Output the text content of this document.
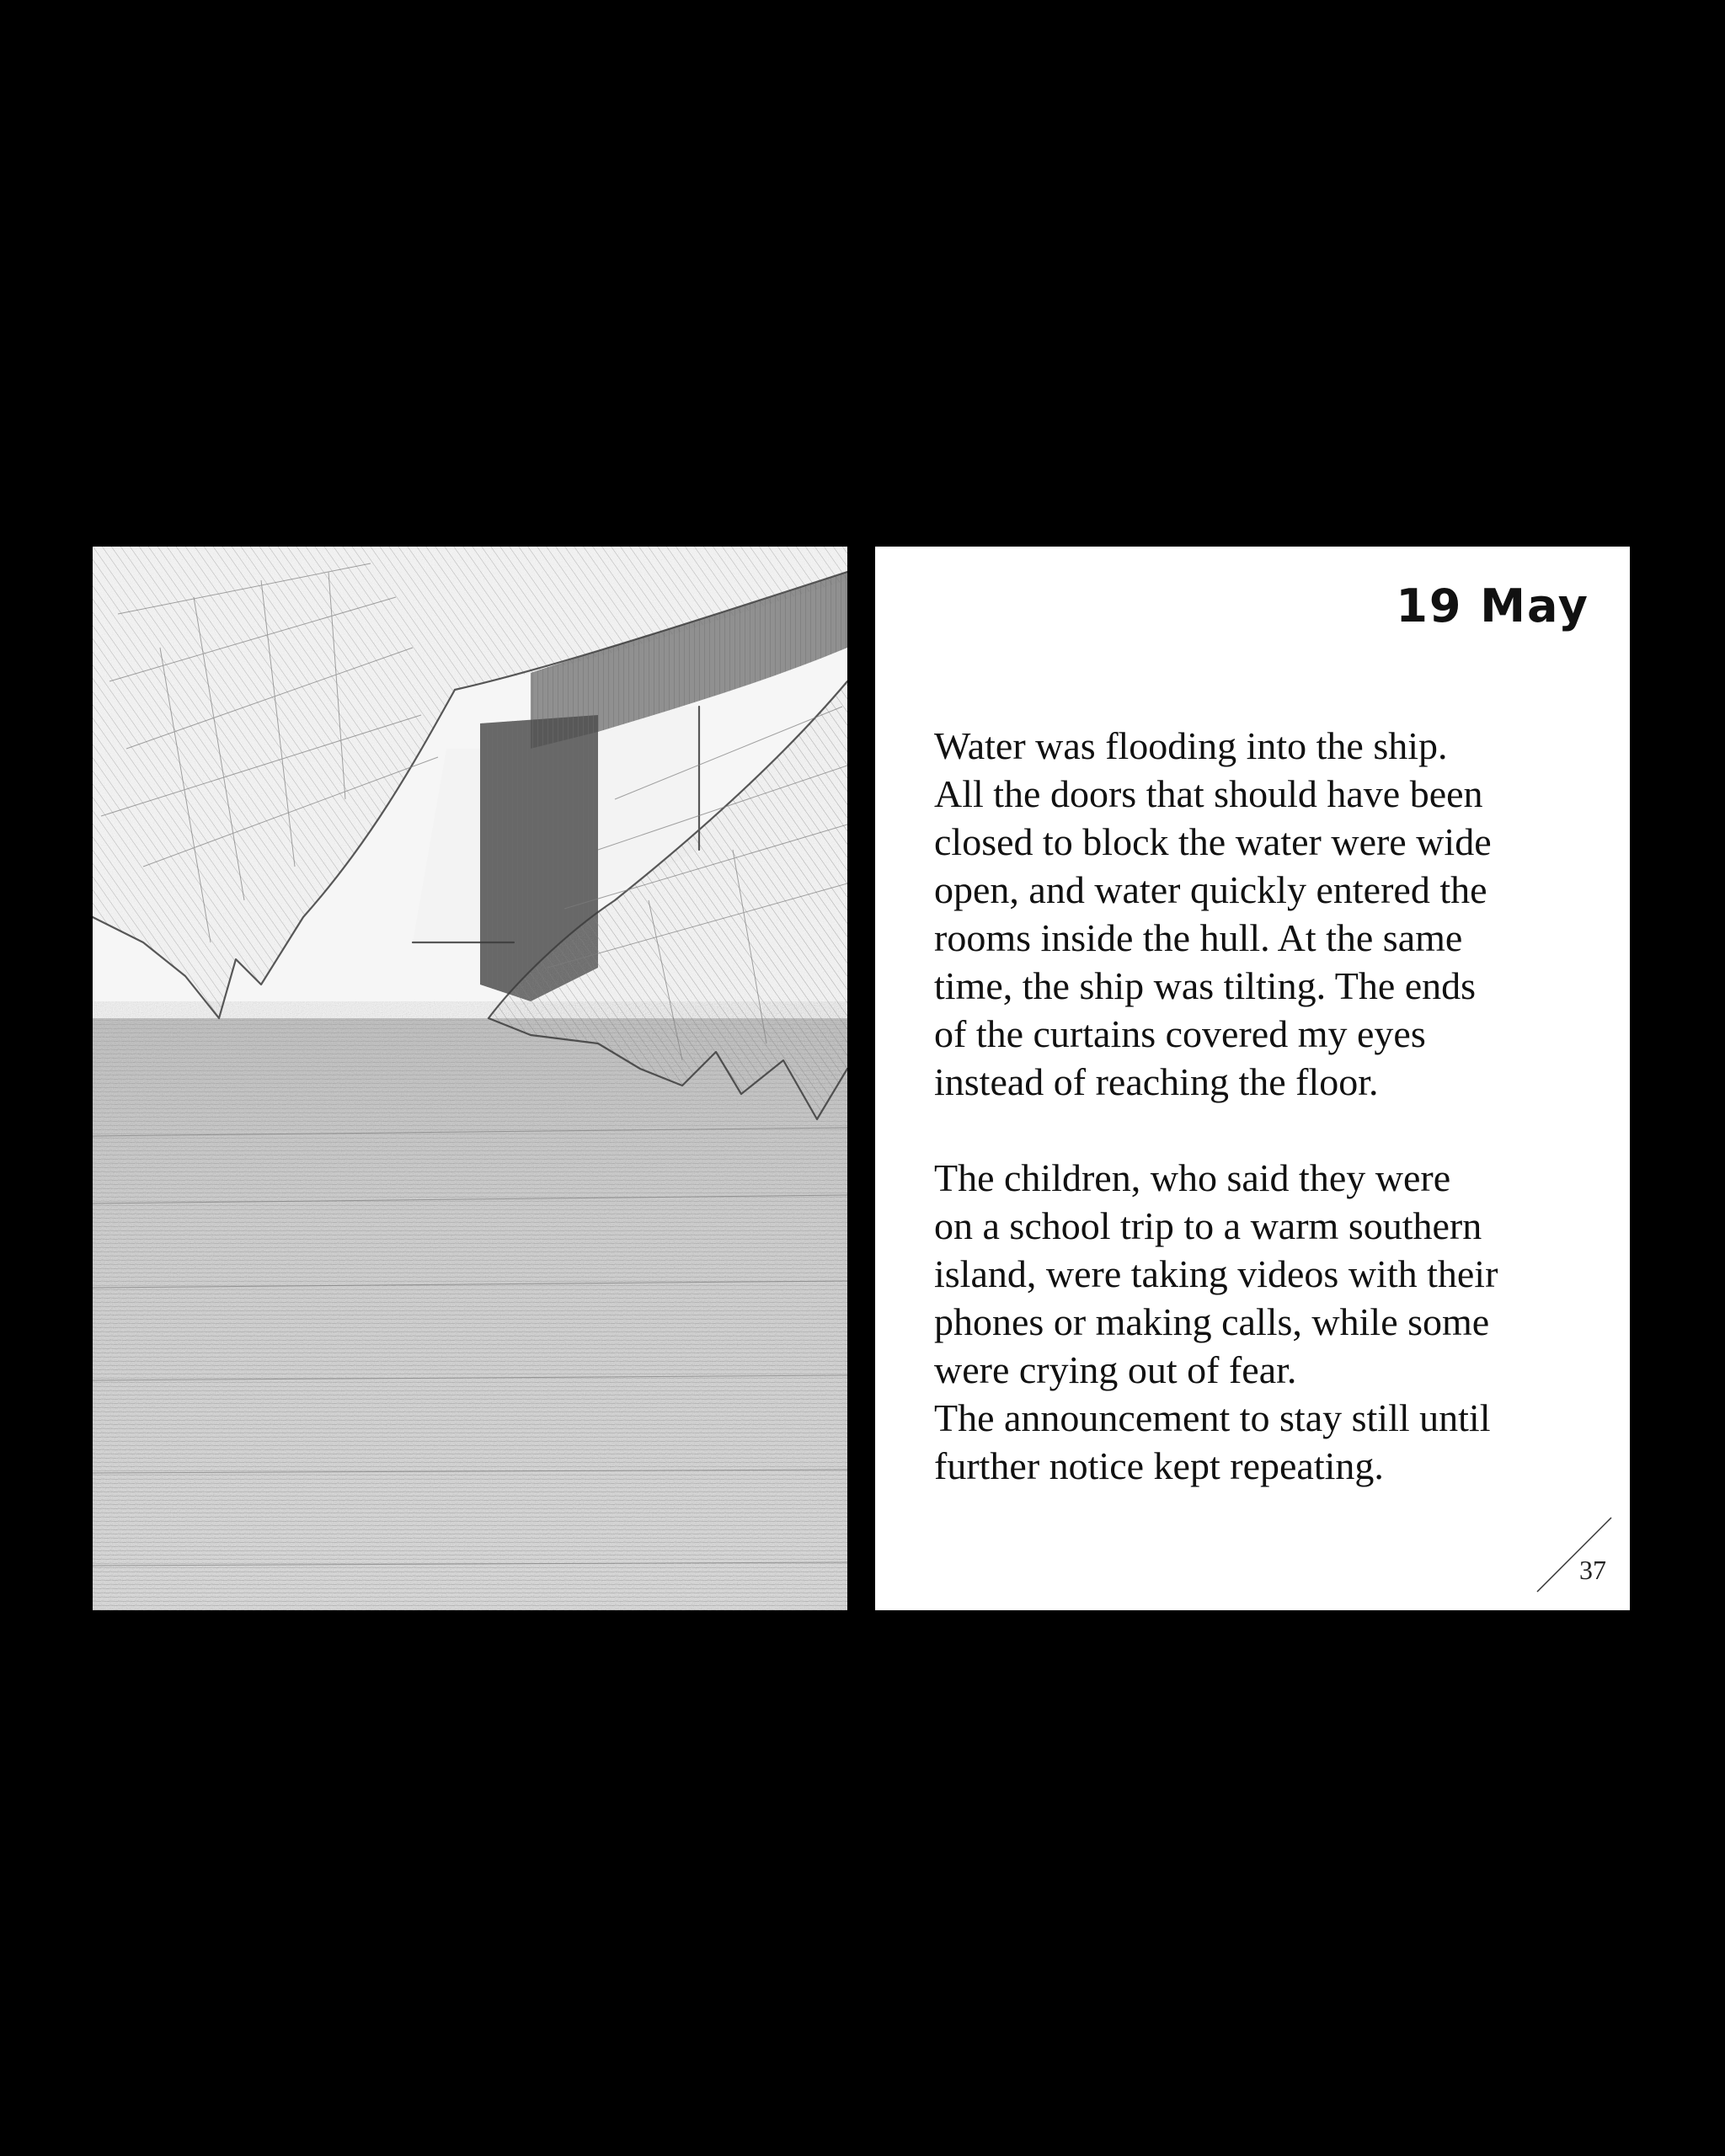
19 May

Water was flooding into the ship.
All the doors that should have been
closed to block the water were wide
open, and water quickly entered the
rooms inside the hull. At the same
time, the ship was tilting. The ends
of the curtains covered my eyes
instead of reaching the floor.

The children, who said they were
on a school trip to a warm southern
island, were taking videos with their
phones or making calls, while some
were crying out of fear.
The announcement to stay still until
further notice kept repeating.

37
